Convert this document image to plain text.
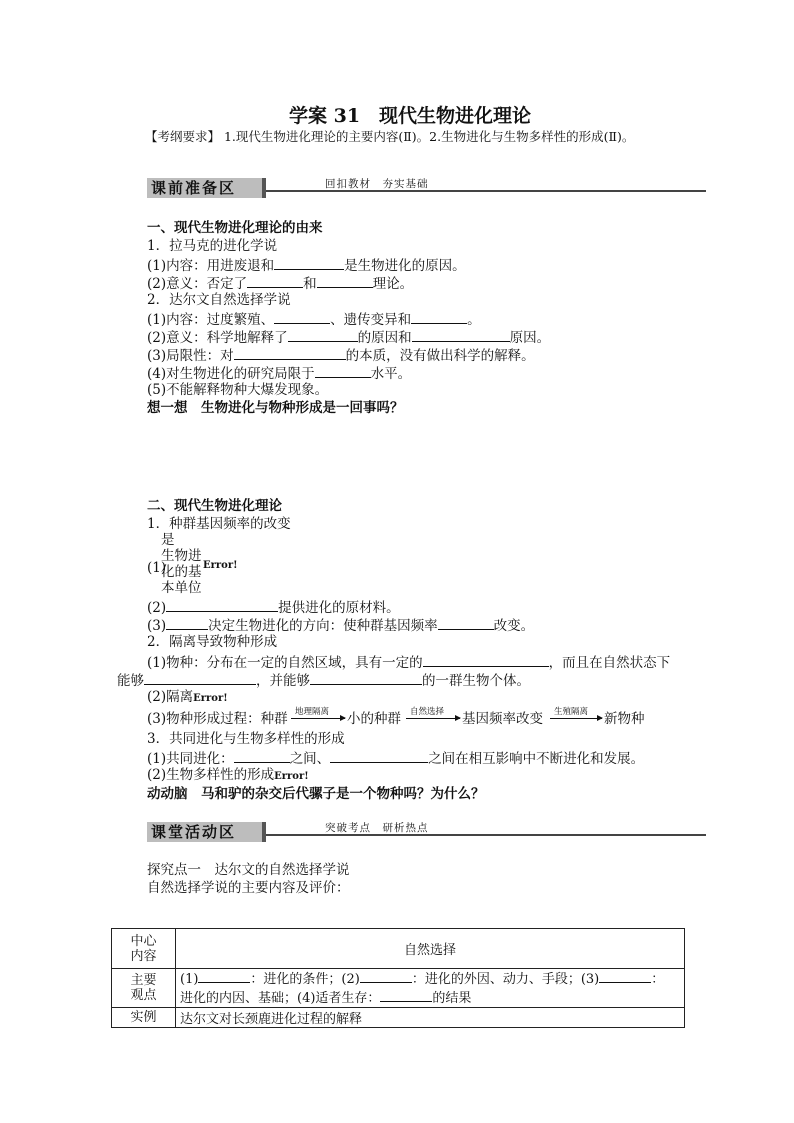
学案 31　现代生物进化理论
【考纲要求】 1.现代生物进化理论的主要内容(Ⅱ)。2.生物进化与生物多样性的形成(Ⅱ)。
课前准备区	回扣教材　夯实基础
一、现代生物进化理论的由来
1．拉马克的进化学说
(1)内容：用进废退和	是生物进化的原因。
(2)意义：否定了	和	理论。
2．达尔文自然选择学说
(1)内容：过度繁殖、	、遗传变异和	。
(2)意义：科学地解释了	的原因和	原因。
(3)局限性：对	的本质，没有做出科学的解释。
(4)对生物进化的研究局限于	水平。
(5)不能解释物种大爆发现象。
想一想　生物进化与物种形成是一回事吗？
二、现代生物进化理论
1．种群基因频率的改变
是
生物进
(1)
化的基 Error!
本单位
(2)	提供进化的原材料。
(3)	决定生物进化的方向：使种群基因频率	改变。
2．隔离导致物种形成
(1)物种：分布在一定的自然区域，具有一定的	，而且在自然状态下
能够	，并能够	的一群生物个体。
(2)隔离Error!
(3)物种形成过程：种群 地理隔离 小的种群 自然选择 基因频率改变 生殖隔离 新物种
3．共同进化与生物多样性的形成
(1)共同进化：	之间、	之间在相互影响中不断进化和发展。
(2)生物多样性的形成Error!
动动脑　马和驴的杂交后代骡子是一个物种吗？为什么？
课堂活动区	突破考点　研析热点
探究点一　达尔文的自然选择学说
自然选择学说的主要内容及评价：
中心内容	自然选择
主要观点	(1) ：进化的条件；(2) ：进化的外因、动力、手段；(3) ：
进化的内因、基础；(4)适者生存： 的结果
实例	达尔文对长颈鹿进化过程的解释
